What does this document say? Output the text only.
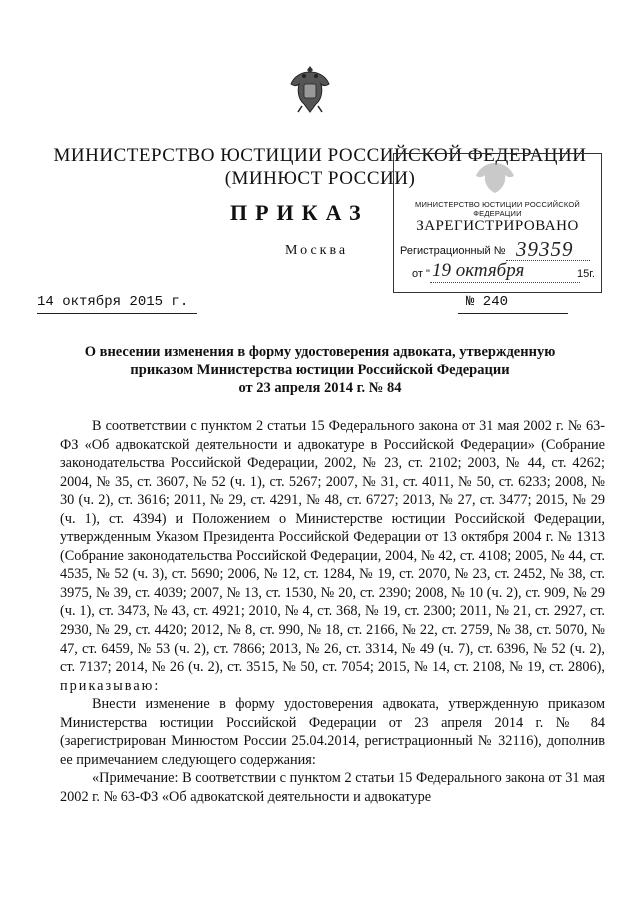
МИНИСТЕРСТВО ЮСТИЦИИ РОССИЙСКОЙ ФЕДЕРАЦИИ
(МИНЮСТ РОССИИ)
ПРИКАЗ
Москва
МИНИСТЕРСТВО ЮСТИЦИИ РОССИЙСКОЙ ФЕДЕРАЦИИ
ЗАРЕГИСТРИРОВАНО
Регистрационный № 39359
от " 19 октября	15г.
14 октября 2015 г.	№ 240
О внесении изменения в форму удостоверения адвоката, утвержденную
приказом Министерства юстиции Российской Федерации
от 23 апреля 2014 г. № 84

В соответствии с пунктом 2 статьи 15 Федерального закона от 31 мая 2002 г. № 63-ФЗ «Об адвокатской деятельности и адвокатуре в Российской Федерации» (Собрание законодательства Российской Федерации, 2002, № 23, ст. 2102; 2003, № 44, ст. 4262; 2004, № 35, ст. 3607, № 52 (ч. 1), ст. 5267; 2007, № 31, ст. 4011, № 50, ст. 6233; 2008, № 30 (ч. 2), ст. 3616; 2011, № 29, ст. 4291, № 48, ст. 6727; 2013, № 27, ст. 3477; 2015, № 29 (ч. 1), ст. 4394) и Положением о Министерстве юстиции Российской Федерации, утвержденным Указом Президента Российской Федерации от 13 октября 2004 г. № 1313 (Собрание законодательства Российской Федерации, 2004, № 42, ст. 4108; 2005, № 44, ст. 4535, № 52 (ч. 3), ст. 5690; 2006, № 12, ст. 1284, № 19, ст. 2070, № 23, ст. 2452, № 38, ст. 3975, № 39, ст. 4039; 2007, № 13, ст. 1530, № 20, ст. 2390; 2008, № 10 (ч. 2), ст. 909, № 29 (ч. 1), ст. 3473, № 43, ст. 4921; 2010, № 4, ст. 368, № 19, ст. 2300; 2011, № 21, ст. 2927, ст. 2930, № 29, ст. 4420; 2012, № 8, ст. 990, № 18, ст. 2166, № 22, ст. 2759, № 38, ст. 5070, № 47, ст. 6459, № 53 (ч. 2), ст. 7866; 2013, № 26, ст. 3314, № 49 (ч. 7), ст. 6396, № 52 (ч. 2), ст. 7137; 2014, № 26 (ч. 2), ст. 3515, № 50, ст. 7054; 2015, № 14, ст. 2108, № 19, ст. 2806), приказываю:

Внести изменение в форму удостоверения адвоката, утвержденную приказом Министерства юстиции Российской Федерации от 23 апреля 2014 г. № 84 (зарегистрирован Минюстом России 25.04.2014, регистрационный № 32116), дополнив ее примечанием следующего содержания:

«Примечание: В соответствии с пунктом 2 статьи 15 Федерального закона от 31 мая 2002 г. № 63-ФЗ «Об адвокатской деятельности и адвокатуре
